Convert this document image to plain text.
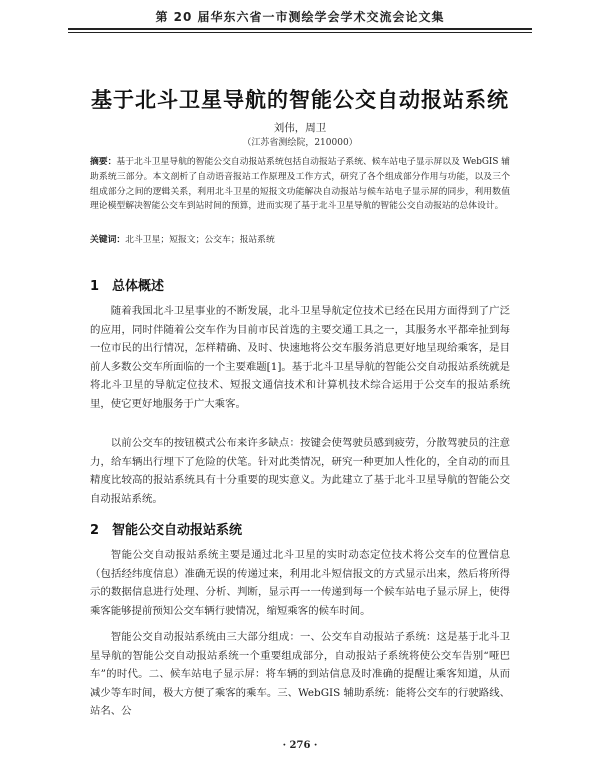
第 20 届华东六省一市测绘学会学术交流会论文集
基于北斗卫星导航的智能公交自动报站系统
刘伟，周卫
（江苏省测绘院，210000）
摘要：基于北斗卫星导航的智能公交自动报站系统包括自动报站子系统、候车站电子显示屏以及 WebGIS 辅助系统三部分。本文剖析了自动语音报站工作原理及工作方式，研究了各个组成部分作用与功能，以及三个组成部分之间的逻辑关系，利用北斗卫星的短报文功能解决自动报站与候车站电子显示屏的同步，利用数值理论模型解决智能公交车到站时间的预算，进而实现了基于北斗卫星导航的智能公交自动报站的总体设计。
关键词：北斗卫星；短报文；公交车；报站系统
1 总体概述
随着我国北斗卫星事业的不断发展，北斗卫星导航定位技术已经在民用方面得到了广泛的应用，同时伴随着公交车作为目前市民首选的主要交通工具之一，其服务水平都牵扯到每一位市民的出行情况，怎样精确、及时、快速地将公交车服务消息更好地呈现给乘客，是目前人多数公交车所面临的一个主要难题[1]。基于北斗卫星导航的智能公交自动报站系统就是将北斗卫星的导航定位技术、短报文通信技术和计算机技术综合运用于公交车的报站系统里，使它更好地服务于广大乘客。
以前公交车的按钮模式公布来许多缺点：按键会使驾驶员感到疲劳，分散驾驶员的注意力，给车辆出行埋下了危险的伏笔。针对此类情况，研究一种更加人性化的，全自动的而且精度比较高的报站系统具有十分重要的现实意义。为此建立了基于北斗卫星导航的智能公交自动报站系统。
2 智能公交自动报站系统
智能公交自动报站系统主要是通过北斗卫星的实时动态定位技术将公交车的位置信息（包括经纬度信息）准确无误的传递过来，利用北斗短信报文的方式显示出来，然后将所得示的数据信息进行处理、分析、判断，显示再一一传递到每一个候车站电子显示屏上，使得乘客能够提前预知公交车辆行驶情况，缩短乘客的候车时间。
智能公交自动报站系统由三大部分组成：一、公交车自动报站子系统：这是基于北斗卫星导航的智能公交自动报站系统一个重要组成部分，自动报站子系统将使公交车告别“哑巴车”的时代。二、候车站电子显示屏：将车辆的到站信息及时准确的提醒让乘客知道，从而减少等车时间，极大方便了乘客的乘车。三、WebGIS 辅助系统：能将公交车的行驶路线、站名、公
· 276 ·
